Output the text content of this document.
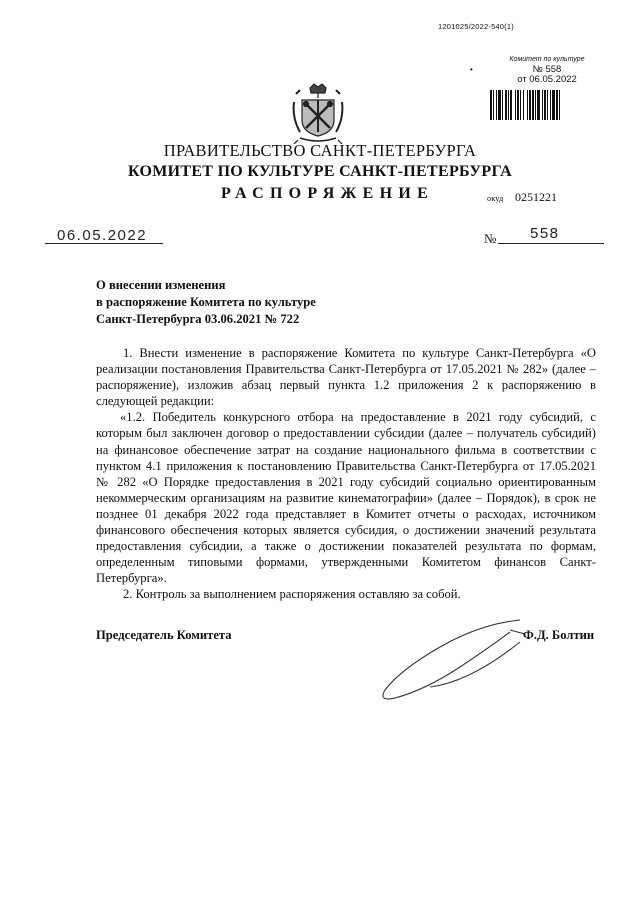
1201025/2022-540(1)
•
Комитет по культуре
№ 558
от 06.05.2022
ПРАВИТЕЛЬСТВО САНКТ-ПЕТЕРБУРГА
КОМИТЕТ ПО КУЛЬТУРЕ САНКТ-ПЕТЕРБУРГА
РАСПОРЯЖЕНИЕ	окуд 0251221
06.05.2022	№ 558
О внесении изменения
в распоряжение Комитета по культуре
Санкт-Петербурга 03.06.2021 № 722

1. Внести изменение в распоряжение Комитета по культуре Санкт-Петербурга «О реализации постановления Правительства Санкт-Петербурга от 17.05.2021 № 282» (далее – распоряжение), изложив абзац первый пункта 1.2 приложения 2 к распоряжению в следующей редакции:

«1.2. Победитель конкурсного отбора на предоставление в 2021 году субсидий, с которым был заключен договор о предоставлении субсидии (далее – получатель субсидий) на финансовое обеспечение затрат на создание национального фильма в соответствии с пунктом 4.1 приложения к постановлению Правительства Санкт-Петербурга от 17.05.2021 № 282 «О Порядке предоставления в 2021 году субсидий социально ориентированным некоммерческим организациям на развитие кинематографии» (далее – Порядок), в срок не позднее 01 декабря 2022 года представляет в Комитет отчеты о расходах, источником финансового обеспечения которых является субсидия, о достижении значений результата предоставления субсидии, а также о достижении показателей результата по формам, определенным типовыми формами, утвержденными Комитетом финансов Санкт-Петербурга».

2. Контроль за выполнением распоряжения оставляю за собой.

Председатель Комитета	Ф.Д. Болтин
